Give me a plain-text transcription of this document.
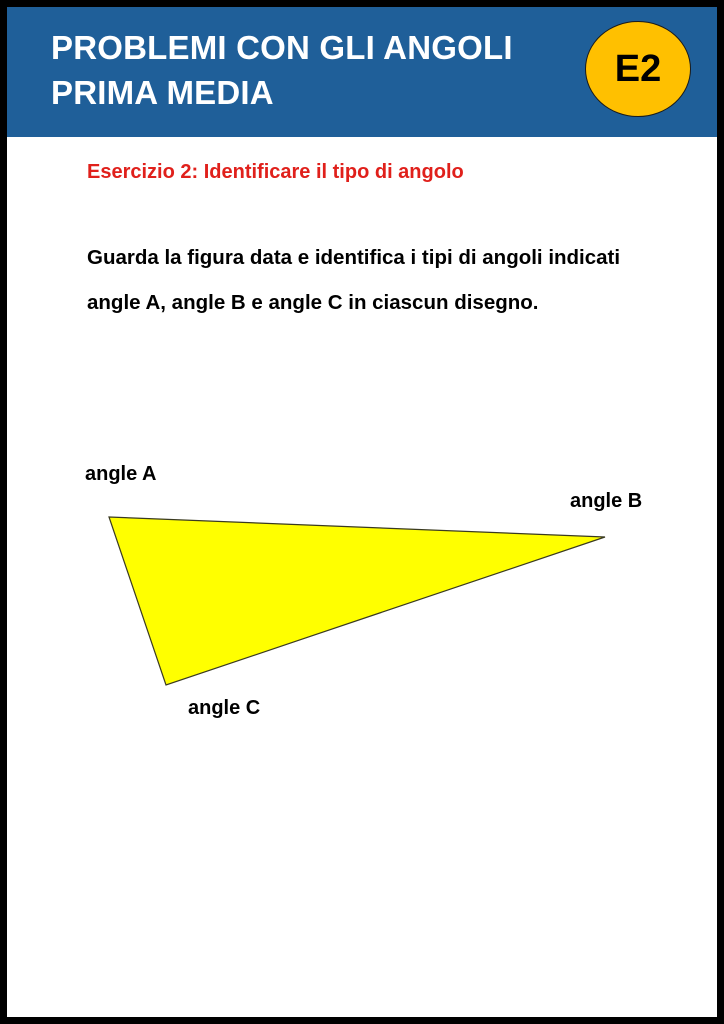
PROBLEMI CON GLI ANGOLI
PRIMA MEDIA
E2
Esercizio 2: Identificare il tipo di angolo
Guarda la figura data e identifica i tipi di angoli indicati angle A, angle B e angle C in ciascun disegno.
angle A
angle B
angle C
